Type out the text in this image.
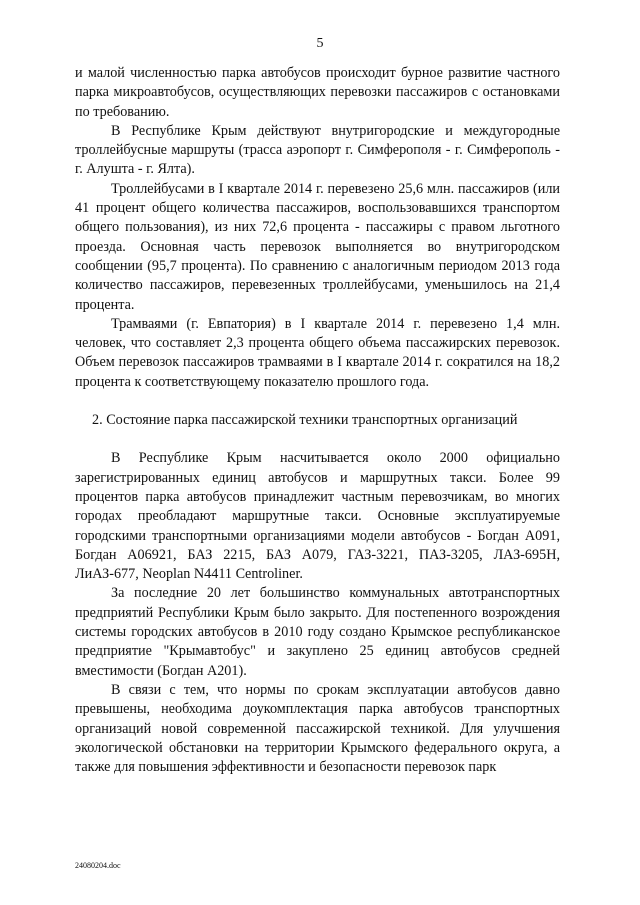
5

и малой численностью парка автобусов происходит бурное развитие частного парка микроавтобусов, осуществляющих перевозки пассажиров с остановками по требованию.

В Республике Крым действуют внутригородские и междугородные троллейбусные маршруты (трасса аэропорт г. Симферополя - г. Симферополь - г. Алушта - г. Ялта).

Троллейбусами в I квартале 2014 г. перевезено 25,6 млн. пассажиров (или 41 процент общего количества пассажиров, воспользовавшихся транспортом общего пользования), из них 72,6 процента - пассажиры с правом льготного проезда. Основная часть перевозок выполняется во внутригородском сообщении (95,7 процента). По сравнению с аналогичным периодом 2013 года количество пассажиров, перевезенных троллейбусами, уменьшилось на 21,4 процента.

Трамваями (г. Евпатория) в I квартале 2014 г. перевезено 1,4 млн. человек, что составляет 2,3 процента общего объема пассажирских перевозок. Объем перевозок пассажиров трамваями в I квартале 2014 г. сократился на 18,2 процента к соответствующему показателю прошлого года.

2. Состояние парка пассажирской техники транспортных организаций

В Республике Крым насчитывается около 2000 официально зарегистрированных единиц автобусов и маршрутных такси. Более 99 процентов парка автобусов принадлежит частным перевозчикам, во многих городах преобладают маршрутные такси. Основные эксплуатируемые городскими транспортными организациями модели автобусов - Богдан А091, Богдан А06921, БАЗ 2215, БАЗ А079, ГАЗ-3221, ПАЗ-3205, ЛАЗ-695Н, ЛиАЗ-677, Neoplan N4411 Centroliner.

За последние 20 лет большинство коммунальных автотранспортных предприятий Республики Крым было закрыто. Для постепенного возрождения системы городских автобусов в 2010 году создано Крымское республиканское предприятие "Крымавтобус" и закуплено 25 единиц автобусов средней вместимости (Богдан А201).

В связи с тем, что нормы по срокам эксплуатации автобусов давно превышены, необходима доукомплектация парка автобусов транспортных организаций новой современной пассажирской техникой. Для улучшения экологической обстановки на территории Крымского федерального округа, а также для повышения эффективности и безопасности перевозок парк

24080204.doc
